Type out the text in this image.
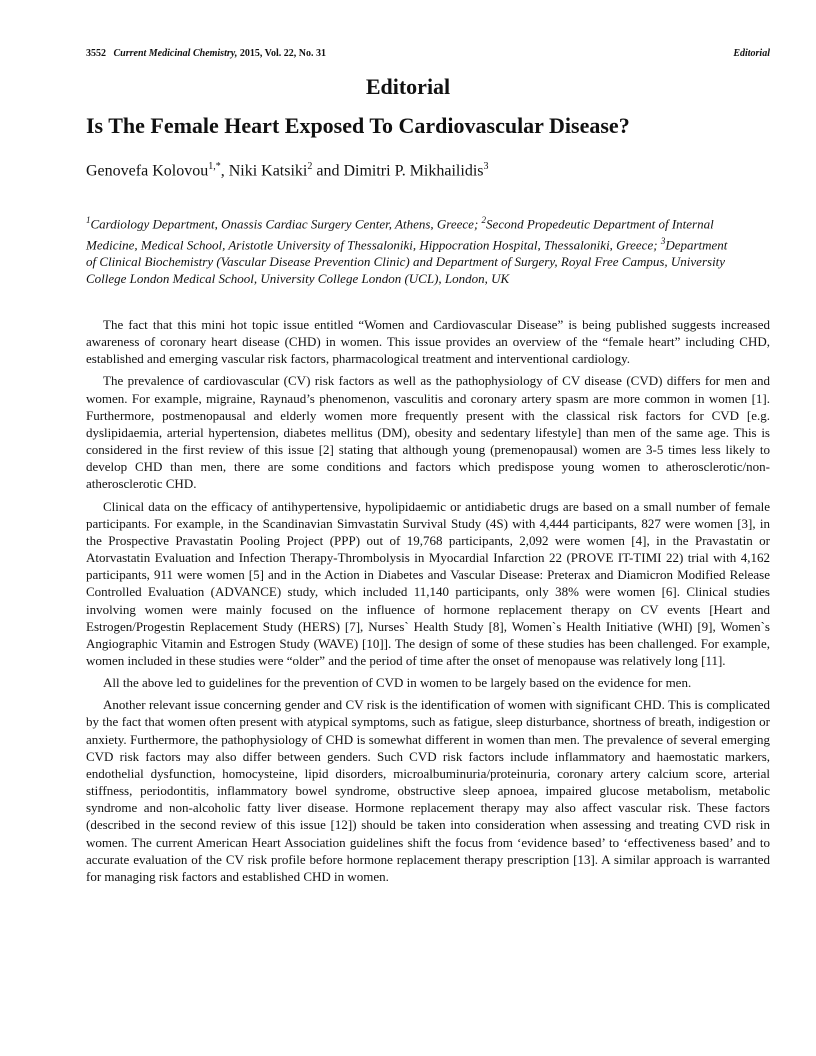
3552 Current Medicinal Chemistry, 2015, Vol. 22, No. 31	Editorial
Editorial
Is The Female Heart Exposed To Cardiovascular Disease?
Genovefa Kolovou$^{1,*}$, Niki Katsiki$^2$ and Dimitri P. Mikhailidis$^3$
$^1$Cardiology Department, Onassis Cardiac Surgery Center, Athens, Greece; $^2$Second Propedeutic Department of Internal Medicine, Medical School, Aristotle University of Thessaloniki, Hippocration Hospital, Thessaloniki, Greece; $^3$Department of Clinical Biochemistry (Vascular Disease Prevention Clinic) and Department of Surgery, Royal Free Campus, University College London Medical School, University College London (UCL), London, UK

The fact that this mini hot topic issue entitled “Women and Cardiovascular Disease” is being published suggests increased awareness of coronary heart disease (CHD) in women. This issue provides an overview of the “female heart” including CHD, established and emerging vascular risk factors, pharmacological treatment and interventional cardiology.

The prevalence of cardiovascular (CV) risk factors as well as the pathophysiology of CV disease (CVD) differs for men and women. For example, migraine, Raynaud’s phenomenon, vasculitis and coronary artery spasm are more common in women [1]. Furthermore, postmenopausal and elderly women more frequently present with the classical risk factors for CVD [e.g. dyslipidaemia, arterial hypertension, diabetes mellitus (DM), obesity and sedentary lifestyle] than men of the same age. This is considered in the first review of this issue [2] stating that although young (premenopausal) women are 3-5 times less likely to develop CHD than men, there are some conditions and factors which predispose young women to atherosclerotic/non-atherosclerotic CHD.

Clinical data on the efficacy of antihypertensive, hypolipidaemic or antidiabetic drugs are based on a small number of female participants. For example, in the Scandinavian Simvastatin Survival Study (4S) with 4,444 participants, 827 were women [3], in the Prospective Pravastatin Pooling Project (PPP) out of 19,768 participants, 2,092 were women [4], in the Pravastatin or Atorvastatin Evaluation and Infection Therapy-Thrombolysis in Myocardial Infarction 22 (PROVE IT-TIMI 22) trial with 4,162 participants, 911 were women [5] and in the Action in Diabetes and Vascular Disease: Preterax and Diamicron Modified Release Controlled Evaluation (ADVANCE) study, which included 11,140 participants, only 38% were women [6]. Clinical studies involving women were mainly focused on the influence of hormone replacement therapy on CV events [Heart and Estrogen/Progestin Replacement Study (HERS) [7], Nurses` Health Study [8], Women`s Health Initiative (WHI) [9], Women`s Angiographic Vitamin and Estrogen Study (WAVE) [10]]. The design of some of these studies has been challenged. For example, women included in these studies were “older” and the period of time after the onset of menopause was relatively long [11].

All the above led to guidelines for the prevention of CVD in women to be largely based on the evidence for men.

Another relevant issue concerning gender and CV risk is the identification of women with significant CHD. This is complicated by the fact that women often present with atypical symptoms, such as fatigue, sleep disturbance, shortness of breath, indigestion or anxiety. Furthermore, the pathophysiology of CHD is somewhat different in women than men. The prevalence of several emerging CVD risk factors may also differ between genders. Such CVD risk factors include inflammatory and haemostatic markers, endothelial dysfunction, homocysteine, lipid disorders, microalbuminuria/proteinuria, coronary artery calcium score, arterial stiffness, periodontitis, inflammatory bowel syndrome, obstructive sleep apnoea, impaired glucose metabolism, metabolic syndrome and non-alcoholic fatty liver disease. Hormone replacement therapy may also affect vascular risk. These factors (described in the second review of this issue [12]) should be taken into consideration when assessing and treating CVD risk in women. The current American Heart Association guidelines shift the focus from ‘evidence based’ to ‘effectiveness based’ and to accurate evaluation of the CV risk profile before hormone replacement therapy prescription [13]. A similar approach is warranted for managing risk factors and established CHD in women.
